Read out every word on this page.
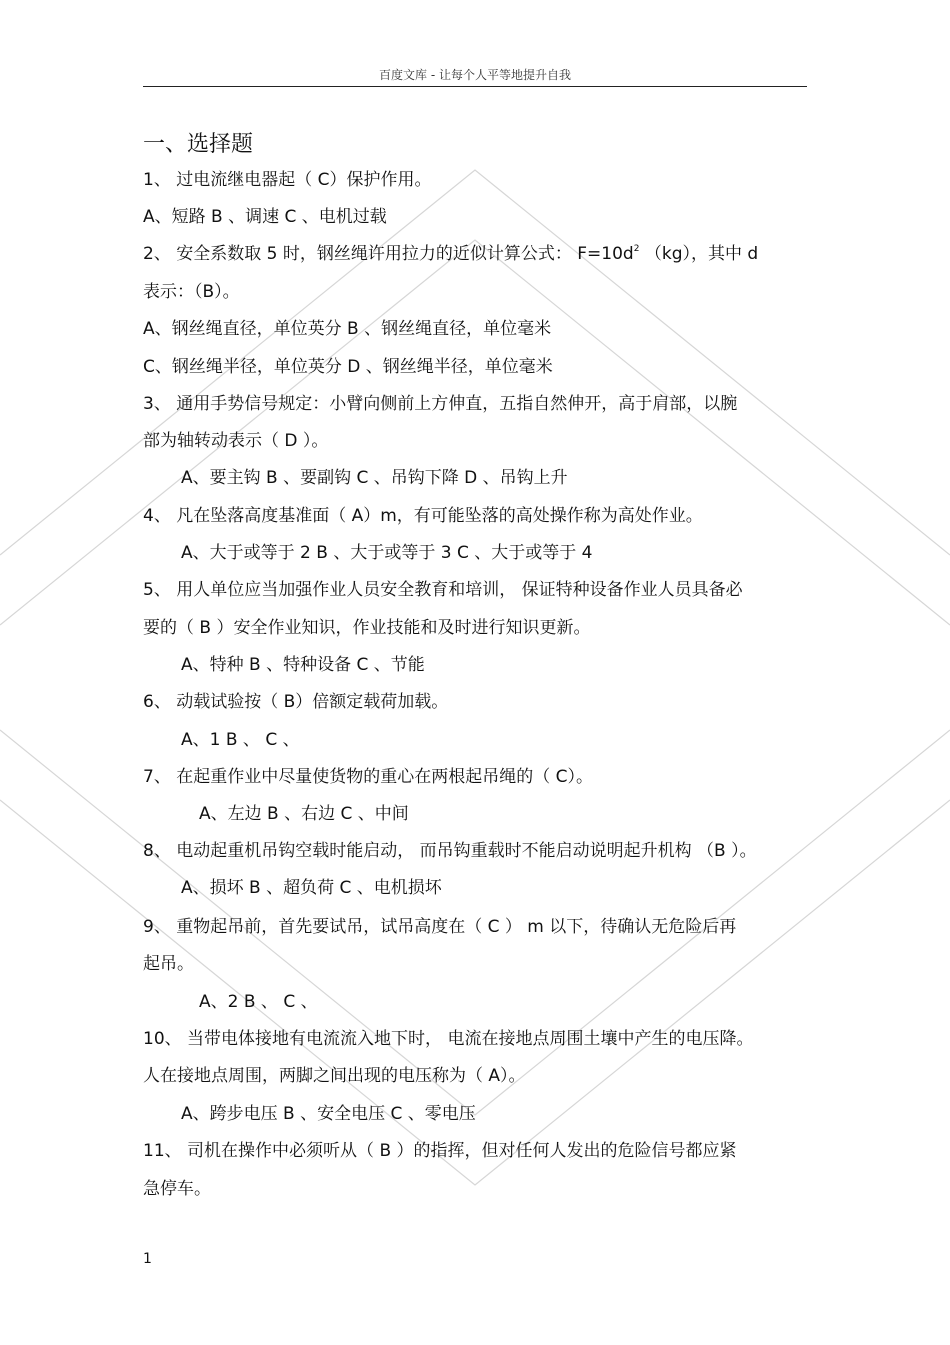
百度文库 - 让每个人平等地提升自我
一、选择题
1、 过电流继电器起（ C）保护作用。
A、短路 B 、调速 C 、电机过载
2、 安全系数取 5 时，钢丝绳许用拉力的近似计算公式： $F=10d^2$ （kg），其中 d
表示：（B）。
A、钢丝绳直径，单位英分 B 、钢丝绳直径，单位毫米
C、钢丝绳半径，单位英分 D 、钢丝绳半径，单位毫米
3、 通用手势信号规定：小臂向侧前上方伸直，五指自然伸开，高于肩部，以腕
部为轴转动表示（ D ）。
A、要主钩 B 、要副钩 C 、吊钩下降 D 、吊钩上升
4、 凡在坠落高度基准面（ A）m，有可能坠落的高处操作称为高处作业。
A、大于或等于 2 B 、大于或等于 3 C 、大于或等于 4
5、 用人单位应当加强作业人员安全教育和培训， 保证特种设备作业人员具备必
要的（ B ）安全作业知识，作业技能和及时进行知识更新。
A、特种 B 、特种设备 C 、节能
6、 动载试验按（ B）倍额定载荷加载。
A、1 B 、 C 、
7、 在起重作业中尽量使货物的重心在两根起吊绳的（ C）。
A、左边 B 、右边 C 、中间
8、 电动起重机吊钩空载时能启动， 而吊钩重载时不能启动说明起升机构 （B ）。
A、损坏 B 、超负荷 C 、电机损坏
9、 重物起吊前，首先要试吊，试吊高度在（ C ） m 以下，待确认无危险后再
起吊。
A、2 B 、 C 、
10、 当带电体接地有电流流入地下时， 电流在接地点周围土壤中产生的电压降。
人在接地点周围，两脚之间出现的电压称为（ A）。
A、跨步电压 B 、安全电压 C 、零电压
11、 司机在操作中必须听从（ B ）的指挥，但对任何人发出的危险信号都应紧
急停车。
1
